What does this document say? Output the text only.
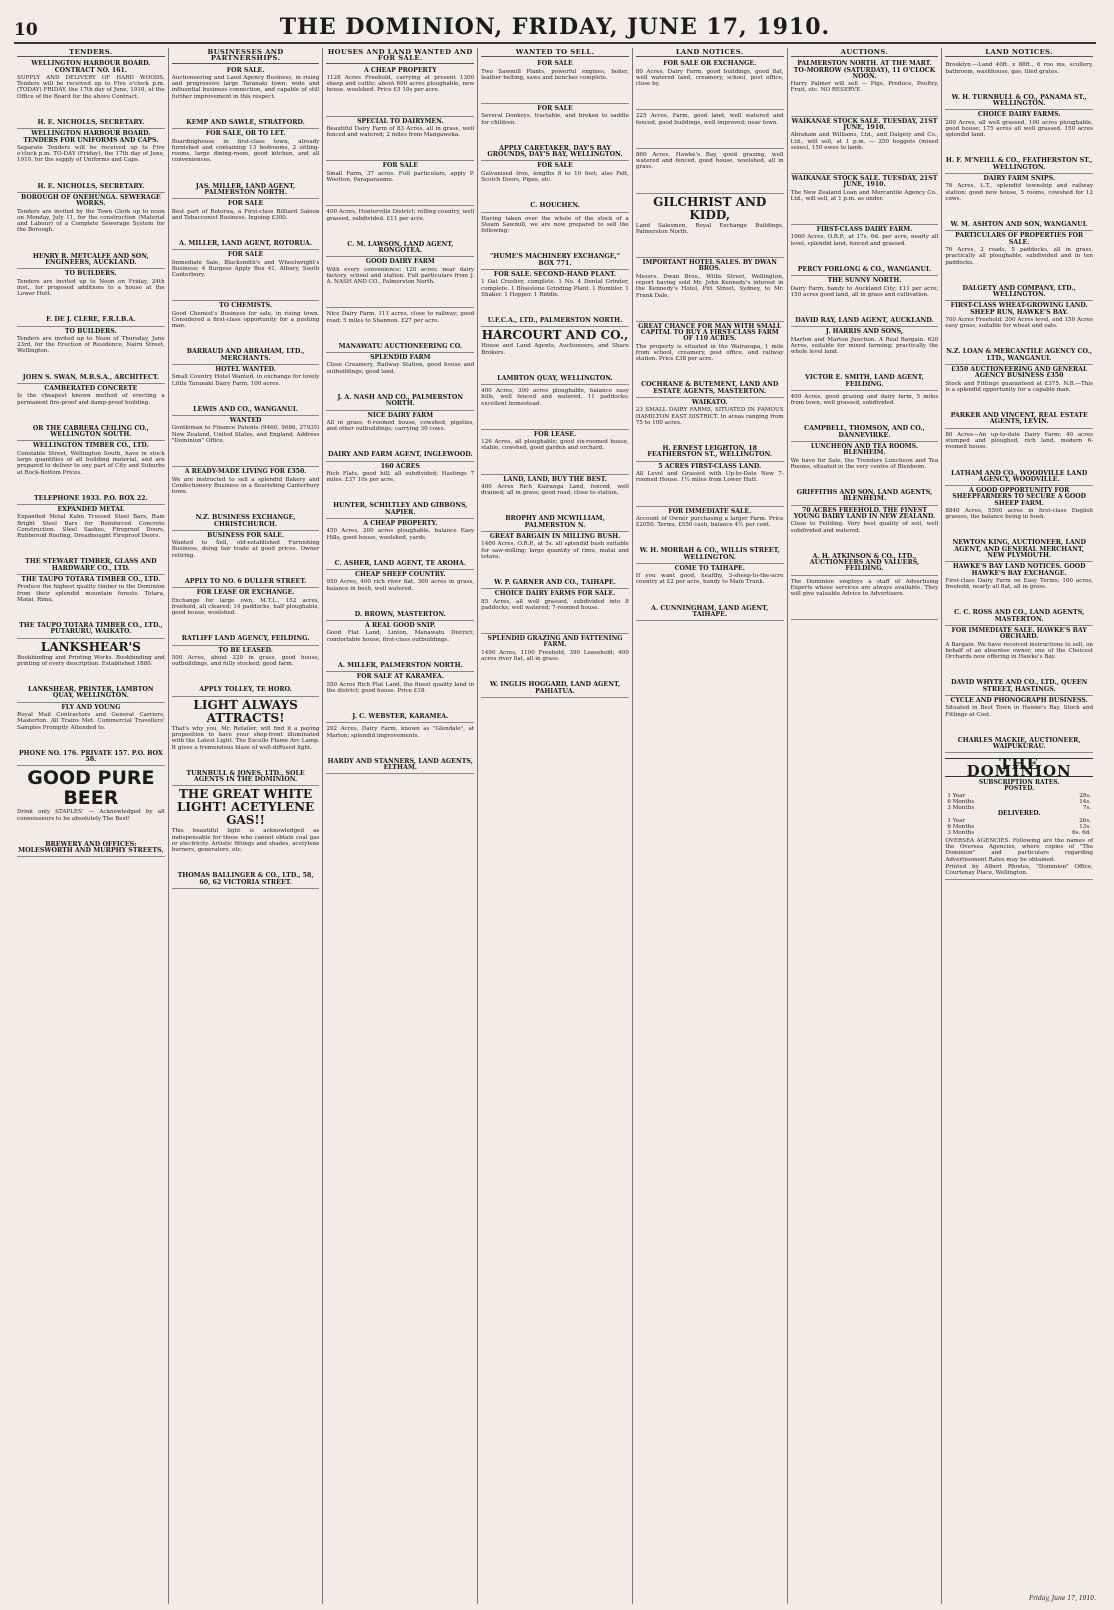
10	THE DOMINION, FRIDAY, JUNE 17, 1910.
TENDERS.
WELLINGTON HARBOUR BOARD. CONTRACT NO. 161.
SUPPLY AND DELIVERY OF HARD WOODS. Tenders will be received up to Five o'clock p.m. (TODAY) FRIDAY, the 17th day of June, 1910, at the Office of the Board for the above Contract.
H. E. NICHOLLS, SECRETARY.
WELLINGTON HARBOUR BOARD. TENDERS FOR UNIFORMS AND CAPS.
Separate Tenders will be received up to Five o'clock p.m. TO-DAY (Friday), the 17th day of June, 1910, for the supply of Uniforms and Caps.
H. E. NICHOLLS, SECRETARY.
BOROUGH OF ONEHUNGA. SEWERAGE WORKS.
Tenders are invited by the Town Clerk up to noon on Monday, July 11, for the construction (Material and Labour) of a Complete Sewerage System for the Borough.
HENRY R. METCALFE AND SON, ENGINEERS, AUCKLAND.
TO BUILDERS.
Tenders are invited up to Noon on Friday, 24th inst., for proposed additions to a house at the Lower Hutt.
F. DE J. CLERE, F.R.I.B.A.
TO BUILDERS.
Tenders are invited up to Noon of Thursday, June 23rd, for the Erection of Residence, Nairn Street, Wellington.
JOHN S. SWAN, M.B.S.A., ARCHITECT.
CAMBERATED CONCRETE
Is the cheapest known method of erecting a permanent fire-proof and damp-proof building.
OR THE CABRERA CEILING CO., WELLINGTON SOUTH.
WELLINGTON TIMBER CO., LTD.
Constable Street, Wellington South, have in stock large quantities of all building material, and are prepared to deliver to any part of City and Suburbs at Rock-Bottom Prices.
TELEPHONE 1933. P.O. BOX 22.
EXPANDED METAL
Expanded Metal Kahn Trussed Steel Bars, Rain Bright Steel Bars for Reinforced Concrete Construction. Steel Sashes, Fireproof Doors, Rubberoid Roofing, Dreadnought Fireproof Doors.
THE STEWART TIMBER, GLASS AND HARDWARE CO., LTD.
THE TAUPO TOTARA TIMBER CO., LTD.
Produce the highest quality timber in the Dominion from their splendid mountain forests. Totara, Matai, Rimu.
THE TAUPO TOTARA TIMBER CO., LTD., PUTARURU, WAIKATO.
LANKSHEAR'S
Bookbinding and Printing Works. Bookbinding and printing of every description. Established 1880.
LANKSHEAR, PRINTER, LAMBTON QUAY, WELLINGTON.
FLY AND YOUNG
Royal Mail Contractors and General Carriers, Masterton. All Trains Met. Commercial Travellers' Samples Promptly Attended to.
PHONE NO. 176. PRIVATE 157. P.O. BOX 58.
GOOD PURE BEER
Drink only STAPLES' — Acknowledged by all connoisseurs to be absolutely The Best!
BREWERY AND OFFICES: MOLESWORTH AND MURPHY STREETS.
BUSINESSES AND PARTNERSHIPS.
FOR SALE.
Auctioneering and Land Agency Business, in rising and progressive large Taranaki town; wide and influential business connection, and capable of still further improvement in this respect.
KEMP AND SAWLE, STRATFORD.
FOR SALE, OR TO LET.
Boardinghouse in first-class town, already furnished and containing 13 bedrooms, 2 sitting-rooms, large dining-room, good kitchen, and all conveniences.
JAS. MILLER, LAND AGENT, PALMERSTON NORTH.
FOR SALE
Best part of Rotorua, a First-class Billiard Saloon and Tobacconist Business. Ingoing £300.
A. MILLER, LAND AGENT, ROTORUA.
FOR SALE
Immediate Sale, Blacksmith's and Wheelwright's Business; 4 Burgess Apply Box 41, Albury, South Canterbury.
TO CHEMISTS.
Good Chemist's Business for sale, in rising town. Considered a first-class opportunity for a pushing man.
BARRAUD AND ABRAHAM, LTD., MERCHANTS.
HOTEL WANTED.
Small Country Hotel Wanted, in exchange for lovely Little Taranaki Dairy Farm, 100 acres.
LEWIS AND CO., WANGANUI.
WANTED
Gentleman to Finance Patents (9460, 9086, 27935) New Zealand, United States, and England. Address "Dominion" Office.
A READY-MADE LIVING FOR £350.
We are instructed to sell a splendid Bakery and Confectionery Business in a flourishing Canterbury town.
N.Z. BUSINESS EXCHANGE, CHRISTCHURCH.
BUSINESS FOR SALE.
Wanted to Sell, old-established Furnishing Business, doing fair trade at good prices. Owner retiring.
APPLY TO NO. 6 DULLER STREET.
FOR LEASE OR EXCHANGE.
Exchange for large own, M.T.L., 152 acres, freehold, all cleared; 14 paddocks, half ploughable, good house, woolshed.
RATLIFF LAND AGENCY, FEILDING.
TO BE LEASED.
500 Acres, about 220 in grass, good house, outbuildings, and fully stocked; good farm.
APPLY TOLLEY, TE HORO.
LIGHT ALWAYS ATTRACTS!
That's why you, Mr. Retailer, will find it a paying proposition to have your shop-front illuminated with the Latest Light. The Excello Flame Arc Lamp. It gives a tremendous blaze of well-diffused light.
TURNBULL & JONES, LTD., SOLE AGENTS IN THE DOMINION.
THE GREAT WHITE LIGHT! ACETYLENE GAS!!
This beautiful light is acknowledged as indispensable for those who cannot obtain coal gas or electricity. Artistic fittings and shades, acetylene burners, generators, etc.
THOMAS BALLINGER & CO., LTD., 58, 60, 62 VICTORIA STREET.
HOUSES AND LAND WANTED AND FOR SALE.
A CHEAP PROPERTY
1128 Acres Freehold, carrying at present 1300 sheep and cattle; about 600 acres ploughable, new house, woolshed. Price £5 10s per acre.
SPECIAL TO DAIRYMEN.
Beautiful Dairy Farm of 83 Acres, all in grass, well fenced and watered; 2 miles from Mangaweka.
FOR SALE
Small Farm, 37 acres. Full particulars, apply P. Wootton, Paraparaumu.
400 Acres, Hunterville District; rolling country, well grassed, subdivided. £11 per acre.
C. M. LAWSON, LAND AGENT, RONGOTEA.
GOOD DAIRY FARM
With every convenience; 120 acres; near dairy factory, school and station. Full particulars from J. A. NASH AND CO., Palmerston North.
Nice Dairy Farm, 111 acres, close to railway; good road; 5 miles to Shannon. £27 per acre.
MANAWATU AUCTIONEERING CO.
SPLENDID FARM
Close Creamery, Railway Station, good house and outbuildings; good land.
J. A. NASH AND CO., PALMERSTON NORTH.
NICE DAIRY FARM
All in grass, 6-roomed house, cowshed, pigsties, and other outbuildings; carrying 30 cows.
DAIRY AND FARM AGENT, INGLEWOOD.
160 ACRES
Rich Flats, good hill; all subdivided; Hastings 7 miles. £37 10s per acre.
HUNTER, SCHILTLEY AND GIBBONS, NAPIER.
A CHEAP PROPERTY.
450 Acres, 200 acres ploughable, balance Easy Hills, good house, woolshed, yards.
C. ASHER, LAND AGENT, TE AROHA.
CHEAP SHEEP COUNTRY.
950 Acres, 400 rich river flat, 300 acres in grass, balance in bush, well watered.
D. BROWN, MASTERTON.
A REAL GOOD SNIP.
Good Flat Land, Linton, Manawatu District; comfortable house, first-class outbuildings.
A. MILLER, PALMERSTON NORTH.
FOR SALE AT KARAMEA.
550 Acres Rich Flat Land, the finest quality land in the district; good house. Price £18.
J. C. WEBSTER, KARAMEA.
292 Acres, Dairy Farm, known as "Glendale", at Marton; splendid improvements.
HARDY AND STANNERS, LAND AGENTS, ELTHAM.
WANTED TO SELL.
FOR SALE
Two Sawmill Plants, powerful engines, boiler, leather belting, saws and benches complete.
FOR SALE
Several Donkeys, tractable, and broken to saddle for children.
APPLY CARETAKER, DAY'S BAY GROUNDS, DAY'S BAY, WELLINGTON.
FOR SALE
Galvanised Iron, lengths 8 to 10 feet; also Felt, Scotch Doors, Pipes, etc.
C. HOUCHEN.
Having taken over the whole of the stock of a Steam Sawmill, we are now prepared to sell the following:
"HUME'S MACHINERY EXCHANGE," BOX 771.
FOR SALE. SECOND-HAND PLANT.
1 Oat Crusher, complete. 1 No. 4 Dental Grinder, complete. 1 Bluestone Grinding Plant. 1 Rumbler. 1 Shaker. 1 Hopper. 1 Riddle.
U.F.C.A., LTD., PALMERSTON NORTH.
HARCOURT AND CO.,
House and Land Agents, Auctioneers, and Share Brokers.
LAMBTON QUAY, WELLINGTON.
400 Acres, 300 acres ploughable, balance easy hills, well fenced and watered, 11 paddocks; excellent homestead.
FOR LEASE.
126 Acres, all ploughable; good six-roomed house, stable, cowshed, good garden and orchard.
LAND, LAND, BUY THE BEST.
400 Acres Rich Kairanga Land, fenced, well drained; all in grass; good road, close to station.
BROPHY AND MCWILLIAM, PALMERSTON N.
GREAT BARGAIN IN MILLING BUSH.
1400 Acres, O.R.P., at 5s. all splendid bush suitable for saw-milling; large quantity of rimu, matai and totara.
W. P. GARNER AND CO., TAIHAPE.
CHOICE DAIRY FARMS FOR SALE.
85 Acres, all well grassed, subdivided into 8 paddocks; well watered; 7-roomed house.
SPLENDID GRAZING AND FATTENING FARM.
1490 Acres, 1100 Freehold, 390 Leasehold; 400 acres river flat, all in grass.
W. INGLIS HOGGARD, LAND AGENT, PAHIATUA.
LAND NOTICES.
FOR SALE OR EXCHANGE.
80 Acres, Dairy Farm, good buildings, good flat, well watered land, creamery, school, post office, close by.
225 Acres, Farm, good land, well watered and fenced, good buildings, well improved; near town.
860 Acres, Hawke's Bay, good grazing, well watered and fenced, good house, woolshed, all in grass.
GILCHRIST AND KIDD,
Land Salesmen, Royal Exchange Buildings, Palmerston North.
IMPORTANT HOTEL SALES. BY DWAN BROS.
Messrs. Dwan Bros., Willis Street, Wellington, report having sold Mr. John Kennedy's interest in the Kennedy's Hotel, Pitt Street, Sydney, to Mr. Frank Dale.
GREAT CHANCE FOR MAN WITH SMALL CAPITAL TO BUY A FIRST-CLASS FARM OF 110 ACRES.
The property is situated in the Wairarapa, 1 mile from school, creamery, post office, and railway station. Price £38 per acre.
COCHRANE & BUTEMENT, LAND AND ESTATE AGENTS, MASTERTON.
WAIKATO.
23 SMALL DAIRY FARMS, SITUATED IN FAMOUS HAMILTON EAST DISTRICT. In areas ranging from 75 to 100 acres.
H. ERNEST LEIGHTON, 18 FEATHERSTON ST., WELLINGTON.
5 ACRES FIRST-CLASS LAND.
All Level and Grassed with Up-to-Date New 7-roomed House. 1½ miles from Lower Hutt.
FOR IMMEDIATE SALE.
Account of Owner purchasing a larger Farm. Price £2050. Terms, £550 cash, balance 4½ per cent.
W. H. MORRAH & CO., WILLIS STREET, WELLINGTON.
COME TO TAIHAPE.
If you want good, healthy, 3-sheep-to-the-acre country at £2 per acre, handy to Main Trunk.
A. CUNNINGHAM, LAND AGENT, TAIHAPE.
AUCTIONS.
PALMERSTON NORTH. AT THE MART. TO-MORROW (SATURDAY), 11 O'CLOCK NOON.
Harry Palmer will sell — Pigs, Produce, Poultry, Fruit, etc. NO RESERVE.
WAIKANAE STOCK SALE. TUESDAY, 21ST JUNE, 1910.
Abraham and Williams, Ltd., and Dalgety and Co., Ltd., will sell, at 1 p.m. — 250 hoggets (mixed sexes), 150 ewes to lamb.
WAIKANAE STOCK SALE. TUESDAY, 21ST JUNE, 1910.
The New Zealand Loan and Mercantile Agency Co., Ltd., will sell, at 1 p.m. as under.
FIRST-CLASS DAIRY FARM.
1960 Acres, O.R.P., at 17s. 6d. per acre, nearly all level, splendid land, fenced and grassed.
PERCY FORLONG & CO., WANGANUI.
THE SUNNY NORTH.
Dairy Farm, handy to Auckland City; £11 per acre; 150 acres good land, all in grass and cultivation.
DAVID RAY, LAND AGENT, AUCKLAND.
J. HARRIS AND SONS,
Marton and Marton Junction. A Real Bargain. 620 Acres, suitable for mixed farming; practically the whole level land.
VICTOR E. SMITH, LAND AGENT, FEILDING.
400 Acres, good grazing and dairy farm, 5 miles from town, well grassed, subdivided.
CAMPBELL, THOMSON, AND CO., DANNEVIRKE.
LUNCHEON AND TEA ROOMS. BLENHEIM.
We have for Sale, the Trenders Luncheon and Tea Rooms, situated in the very centre of Blenheim.
GRIFFITHS AND SON, LAND AGENTS, BLENHEIM.
70 ACRES FREEHOLD. THE FINEST YOUNG DAIRY LAND IN NEW ZEALAND.
Close to Feilding. Very best quality of soil, well subdivided and watered.
A. H. ATKINSON & CO., LTD., AUCTIONEERS AND VALUERS, FEILDING.
The Dominion employs a staff of Advertising Experts whose services are always available. They will give valuable Advice to Advertisers.
LAND NOTICES.
Brooklyn.—Land 40ft. x 88ft., 6 roo ms, scullery, bathroom, washhouse, gas, tiled grates.
W. H. TURNBULL & CO., PANAMA ST., WELLINGTON.
CHOICE DAIRY FARMS.
200 Acres, all well grassed, 100 acres ploughable, good house; 175 acres all well grassed, 150 acres splendid land.
H. F. M'NEILL & CO., FEATHERSTON ST., WELLINGTON.
DAIRY FARM SNIPS.
76 Acres, L.T., splendid township and railway station; good new house, 5 rooms, cowshed for 12 cows.
W. M. ASHTON AND SON, WANGANUI.
PARTICULARS OF PROPERTIES FOR SALE.
76 Acres, 2 roads, 5 paddocks, all in grass, practically all ploughable, subdivided and in ten paddocks.
DALGETY AND COMPANY, LTD., WELLINGTON.
FIRST-CLASS WHEAT-GROWING LAND. SHEEP RUN, HAWKE'S BAY.
700 Acres Freehold; 200 Acres level, and 150 Acres easy grass, suitable for wheat and oats.
N.Z. LOAN & MERCANTILE AGENCY CO., LTD., WANGANUI.
£350 AUCTIONEERING AND GENERAL AGENCY BUSINESS £350
Stock and Fittings guaranteed at £375. N.B.—This is a splendid opportunity for a capable man.
PARKER AND VINCENT, REAL ESTATE AGENTS, LEVIN.
80 Acres—An up-to-date Dairy Farm; 40 acres stumped and ploughed, rich land, modern 6-roomed house.
LATHAM AND CO., WOODVILLE LAND AGENCY, WOODVILLE.
A GOOD OPPORTUNITY FOR SHEEPFARMERS TO SECURE A GOOD SHEEP FARM.
8840 Acres, 5500 acres in first-class English grasses, the balance being in bush.
NEWTON KING, AUCTIONEER, LAND AGENT, AND GENERAL MERCHANT, NEW PLYMOUTH.
HAWKE'S BAY LAND NOTICES. GOOD HAWKE'S BAY EXCHANGE.
First-class Dairy Farm on Easy Terms; 100 acres, freehold, nearly all flat, all in grass.
C. C. ROSS AND CO., LAND AGENTS, MASTERTON.
FOR IMMEDIATE SALE. HAWKE'S BAY ORCHARD.
A Bargain. We have received instructions to sell, on behalf of an absentee owner, one of the Choicest Orchards now offering in Hawke's Bay.
DAVID WHYTE AND CO., LTD., QUEEN STREET, HASTINGS.
CYCLE AND PHONOGRAPH BUSINESS.
Situated in Best Town in Hawke's Bay. Stock and Fittings at Cost.
CHARLES MACKIE, AUCTIONEER, WAIPUKURAU.
THE DOMINION
SUBSCRIPTION RATES.
POSTED.
1 Year	28s.
6 Months	14s.
3 Months	7s.
DELIVERED.
1 Year	26s.
6 Months	13s.
3 Months	6s. 6d.
OVERSEA AGENCIES. Following are the names of the Oversea Agencies, where copies of "The Dominion" and particulars regarding Advertisement Rates may be obtained.
Printed by Albert Rhodes, "Dominion" Office, Courtenay Place, Wellington.
Friday, June 17, 1910.
